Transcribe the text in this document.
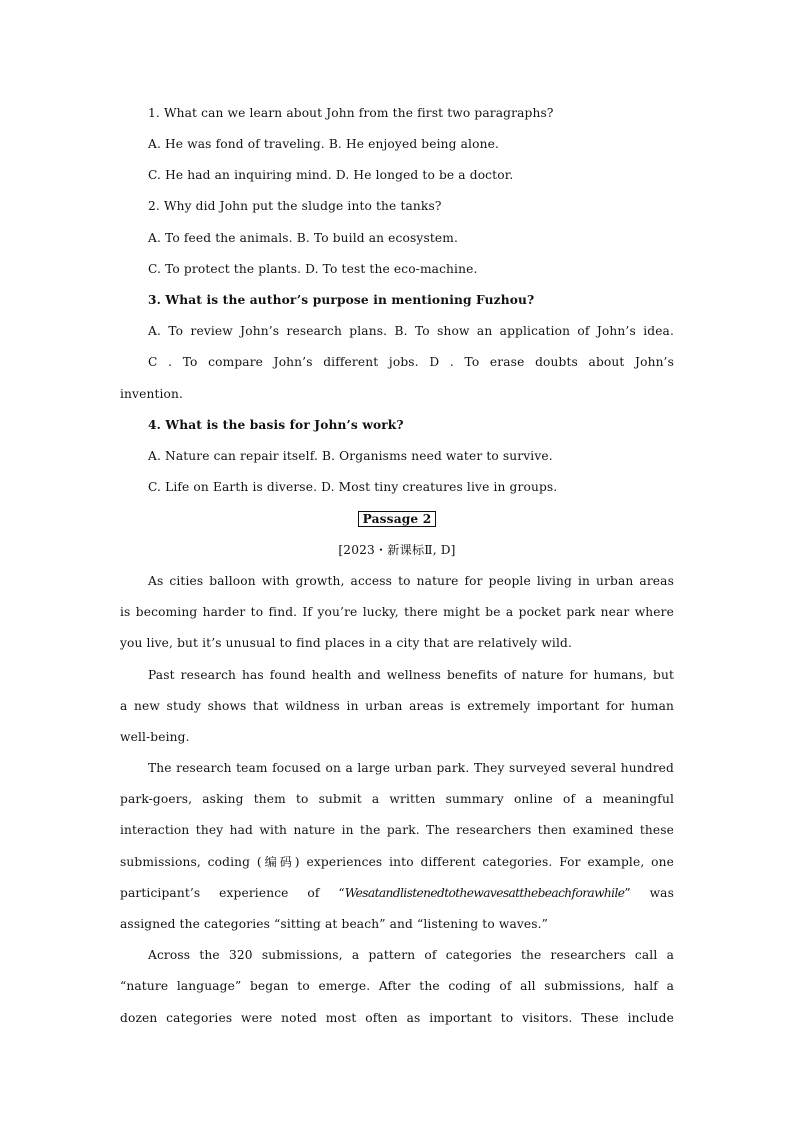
1. What can we learn about John from the first two paragraphs?
A. He was fond of traveling. B. He enjoyed being alone.
C. He had an inquiring mind. D. He longed to be a doctor.
2. Why did John put the sludge into the tanks?
A. To feed the animals. B. To build an ecosystem.
C. To protect the plants. D. To test the eco-machine.
3. What is the author’s purpose in mentioning Fuzhou?
A. To review John’s research plans. B. To show an application of John’s idea.
C . To compare John’s different jobs. D . To erase doubts about John’s
invention.
4. What is the basis for John’s work?
A. Nature can repair itself. B. Organisms need water to survive.
C. Life on Earth is diverse. D. Most tiny creatures live in groups.
Passage 2
[2023・新课标Ⅱ, D]
As cities balloon with growth, access to nature for people living in urban areas
is becoming harder to find. If you’re lucky, there might be a pocket park near where
you live, but it’s unusual to find places in a city that are relatively wild.
Past research has found health and wellness benefits of nature for humans, but
a new study shows that wildness in urban areas is extremely important for human
well-being.
The research team focused on a large urban park. They surveyed several hundred
park-goers, asking them to submit a written summary online of a meaningful
interaction they had with nature in the park. The researchers then examined these
submissions, coding (编码) experiences into different categories. For example, one
participant’s experience of “Wesatandlistenedtothewavesatthebeachforawhile” was
assigned the categories “sitting at beach” and “listening to waves.”
Across the 320 submissions, a pattern of categories the researchers call a
“nature language” began to emerge. After the coding of all submissions, half a
dozen categories were noted most often as important to visitors. These include
